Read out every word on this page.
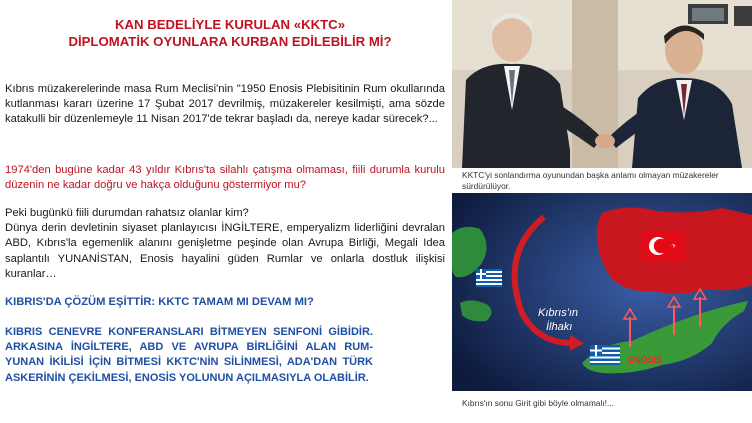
KAN BEDELİYLE KURULAN «KKTC»
DİPLOMATİK OYUNLARA KURBAN EDİLEBİLİR Mİ?

Kıbrıs müzakerelerinde masa Rum Meclisi'nin "1950 Enosis Plebisitinin Rum okullarında kutlanması kararı üzerine 17 Şubat 2017 devrilmiş, müzakereler kesilmişti, ama sözde katakulli bir düzenlemeyle 11 Nisan 2017'de tekrar başladı da, nereye kadar sürecek?...

1974'den bugüne kadar 43 yıldır Kıbrıs'ta silahlı çatışma olmaması, fiili durumla kurulu düzenin ne kadar doğru ve hakça olduğunu göstermiyor mu?

Peki bugünkü fiili durumdan rahatsız olanlar kim?
Dünya derin devletinin siyaset planlayıcısı İNGİLTERE, emperyalizm liderliğini devralan ABD, Kıbrıs'la egemenlik alanını genişletme peşinde olan Avrupa Birliği, Megali Idea saplantılı YUNANİSTAN, Enosis hayalini güden Rumlar ve onlarla dostluk ilişkisi kuranlar…
KIBRIS'DA ÇÖZÜM EŞİTTİR: KKTC TAMAM MI DEVAM MI?

KIBRIS CENEVRE KONFERANSLARI BİTMEYEN SENFONİ GİBİDİR. ARKASINA İNGİLTERE, ABD VE AVRUPA BİRLİĞİNİ ALAN RUM-YUNAN İKİLİSİ İÇİN BİTMESİ KKTC'NİN SİLİNMESİ, ADA'DAN TÜRK ASKERİNİN ÇEKİLMESİ, ENOSİS YOLUNUN AÇILMASIYLA OLABİLİR.

KKTC'yi sonlandırma oyunundan başka anlamı olmayan müzakereler sürdürülüyor.
Kıbrıs'ın
İlhakı
ENOSİS
Kıbrıs'ın sonu Girit gibi böyle olmamalı!...
